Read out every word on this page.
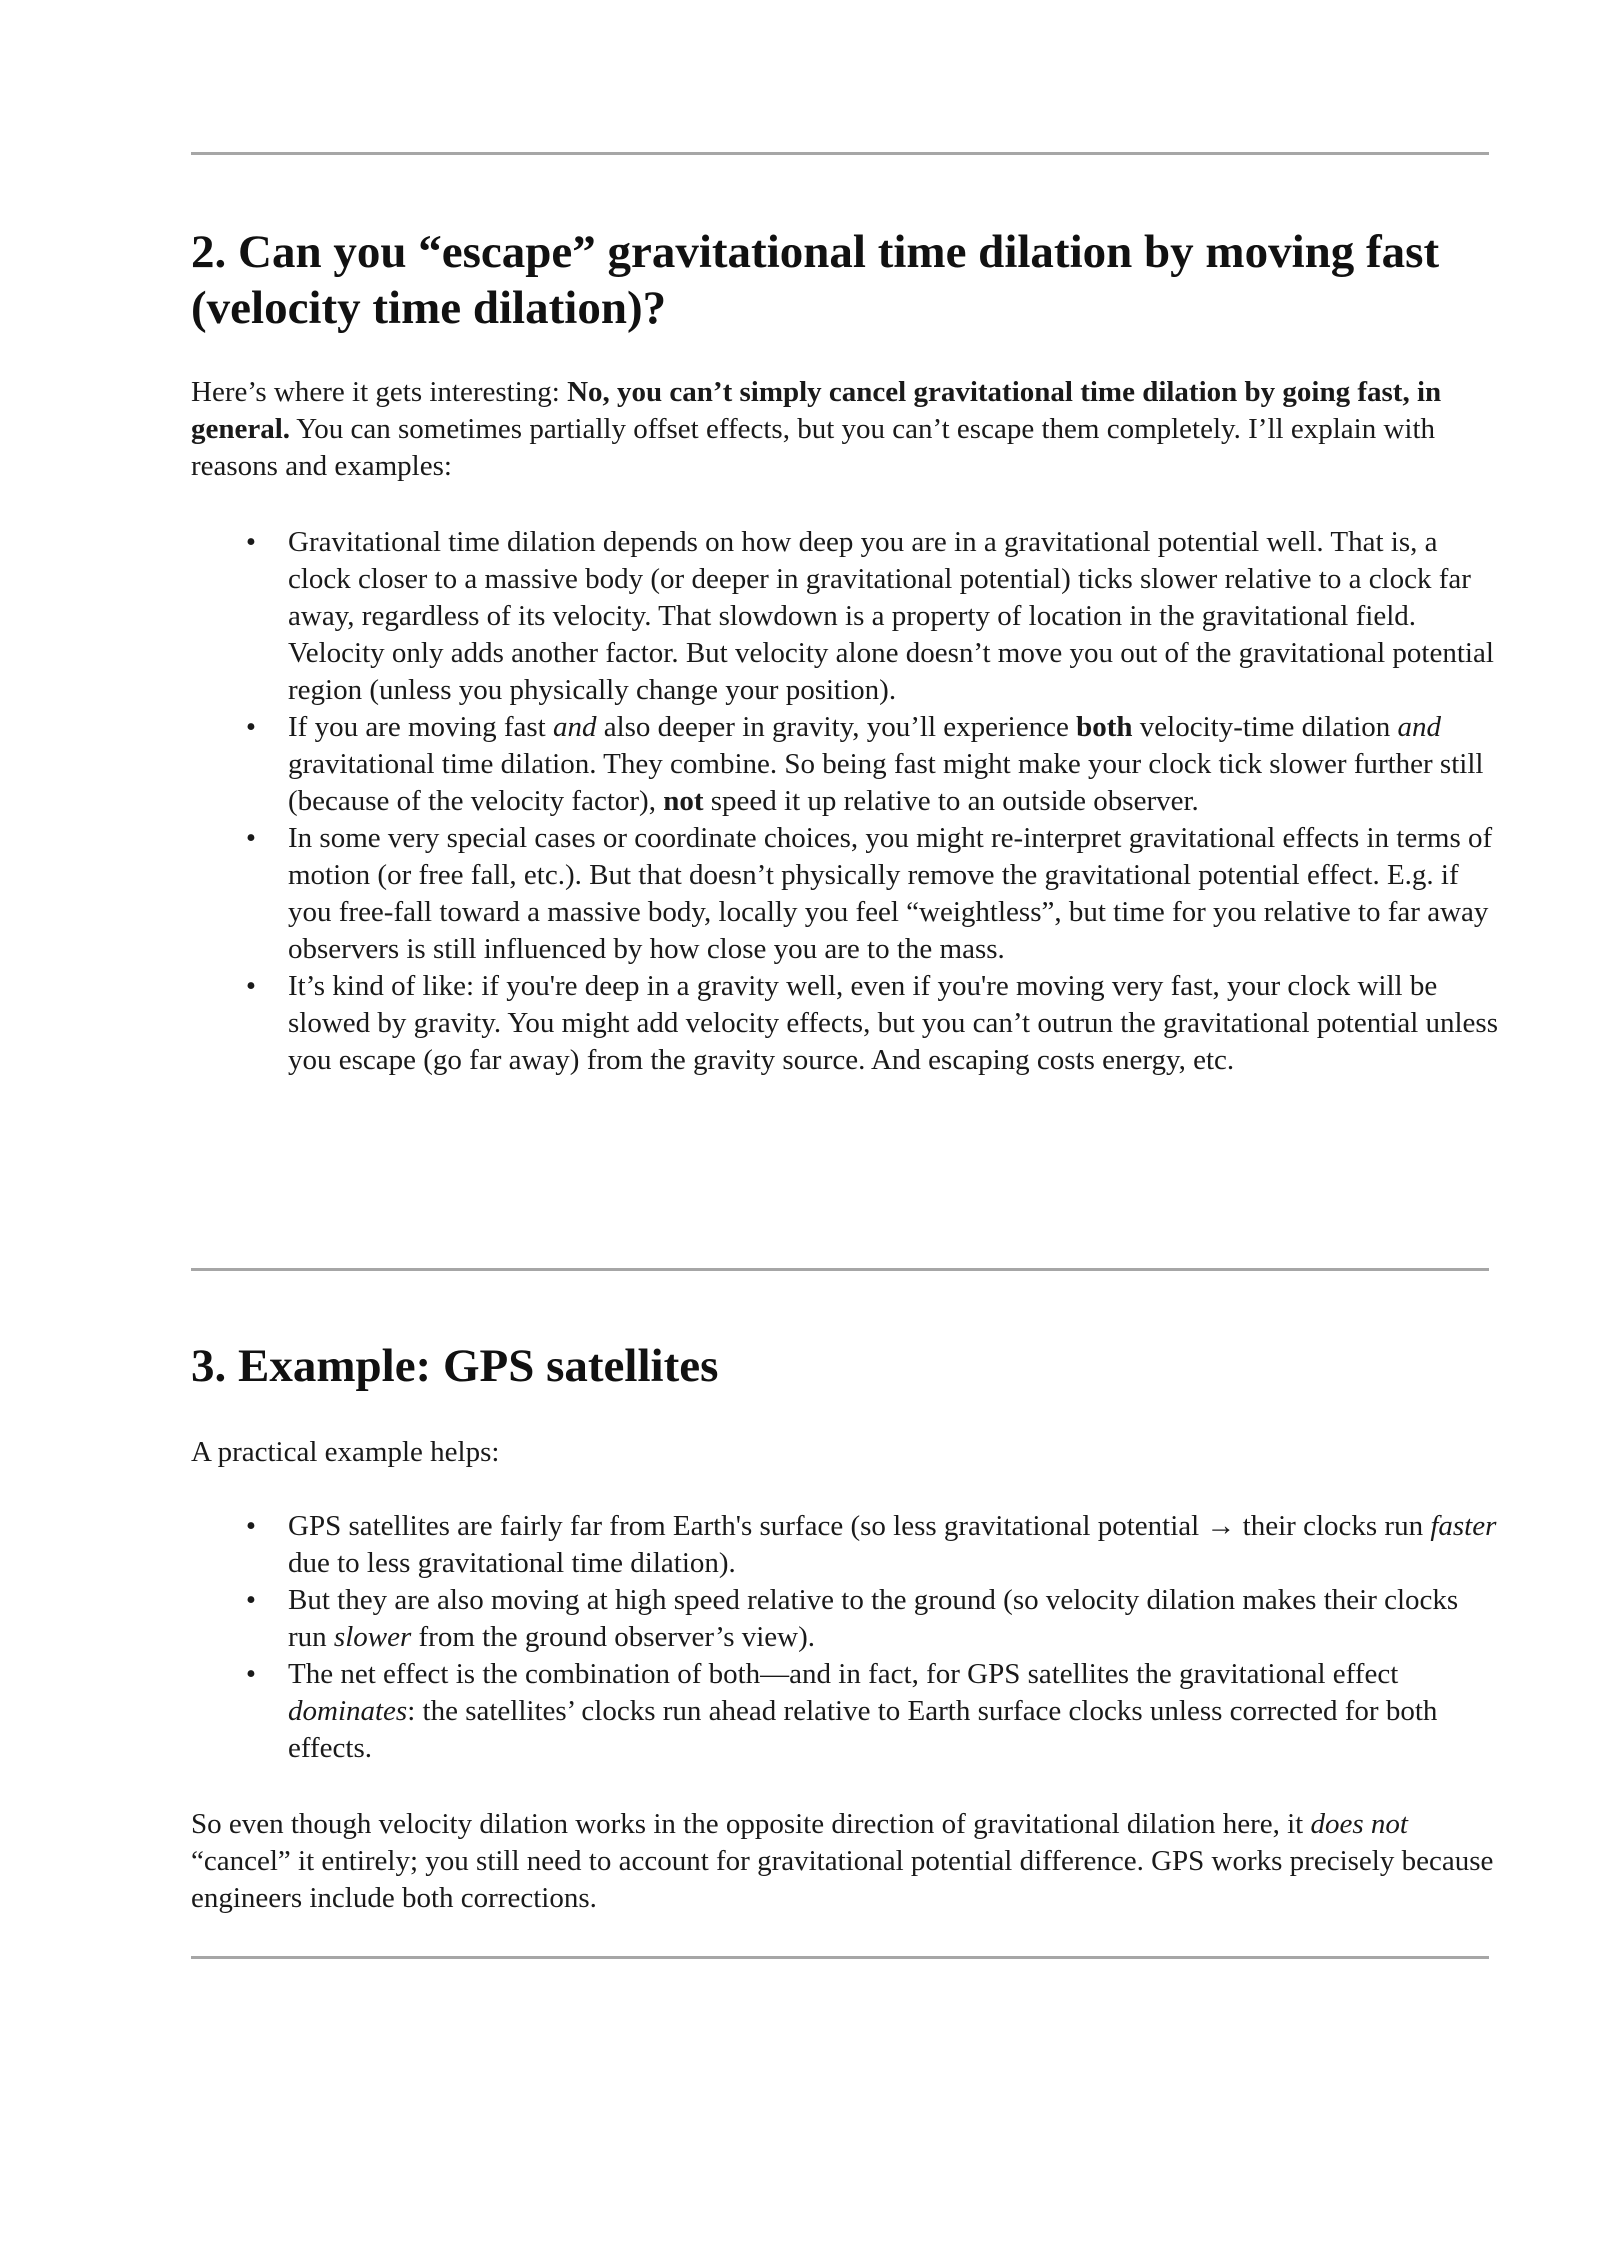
2. Can you “escape” gravitational time dilation by moving fast (velocity time dilation)?

Here’s where it gets interesting: No, you can’t simply cancel gravitational time dilation by going fast, in general. You can sometimes partially offset effects, but you can’t escape them completely. I’ll explain with reasons and examples:

• Gravitational time dilation depends on how deep you are in a gravitational potential well. That is, a clock closer to a massive body (or deeper in gravitational potential) ticks slower relative to a clock far away, regardless of its velocity. That slowdown is a property of location in the gravitational field. Velocity only adds another factor. But velocity alone doesn’t move you out of the gravitational potential region (unless you physically change your position).
• If you are moving fast and also deeper in gravity, you’ll experience both velocity-time dilation and gravitational time dilation. They combine. So being fast might make your clock tick slower further still (because of the velocity factor), not speed it up relative to an outside observer.
• In some very special cases or coordinate choices, you might re-interpret gravitational effects in terms of motion (or free fall, etc.). But that doesn’t physically remove the gravitational potential effect. E.g. if you free-fall toward a massive body, locally you feel “weightless”, but time for you relative to far away observers is still influenced by how close you are to the mass.
• It’s kind of like: if you're deep in a gravity well, even if you're moving very fast, your clock will be slowed by gravity. You might add velocity effects, but you can’t outrun the gravitational potential unless you escape (go far away) from the gravity source. And escaping costs energy, etc.
3. Example: GPS satellites

A practical example helps:

• GPS satellites are fairly far from Earth's surface (so less gravitational potential → their clocks run faster due to less gravitational time dilation).
• But they are also moving at high speed relative to the ground (so velocity dilation makes their clocks run slower from the ground observer’s view).
• The net effect is the combination of both—and in fact, for GPS satellites the gravitational effect dominates: the satellites’ clocks run ahead relative to Earth surface clocks unless corrected for both effects.

So even though velocity dilation works in the opposite direction of gravitational dilation here, it does not “cancel” it entirely; you still need to account for gravitational potential difference. GPS works precisely because engineers include both corrections.
